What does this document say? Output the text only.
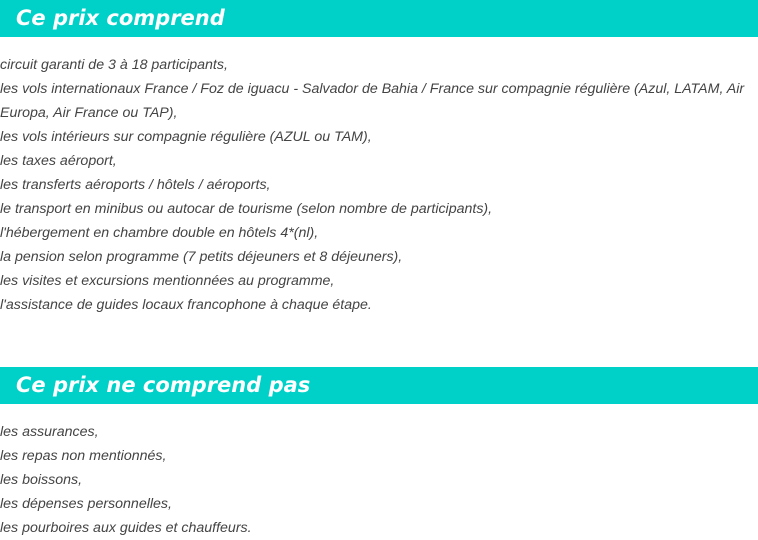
Ce prix comprend
circuit garanti de 3 à 18 participants,
les vols internationaux France / Foz de iguacu - Salvador de Bahia / France sur compagnie régulière (Azul, LATAM, Air Europa, Air France ou TAP),
les vols intérieurs sur compagnie régulière (AZUL ou TAM),
les taxes aéroport,
les transferts aéroports / hôtels / aéroports,
le transport en minibus ou autocar de tourisme (selon nombre de participants),
l'hébergement en chambre double en hôtels 4*(nl),
la pension selon programme (7 petits déjeuners et 8 déjeuners),
les visites et excursions mentionnées au programme,
l'assistance de guides locaux francophone à chaque étape.
Ce prix ne comprend pas
les assurances,
les repas non mentionnés,
les boissons,
les dépenses personnelles,
les pourboires aux guides et chauffeurs.
